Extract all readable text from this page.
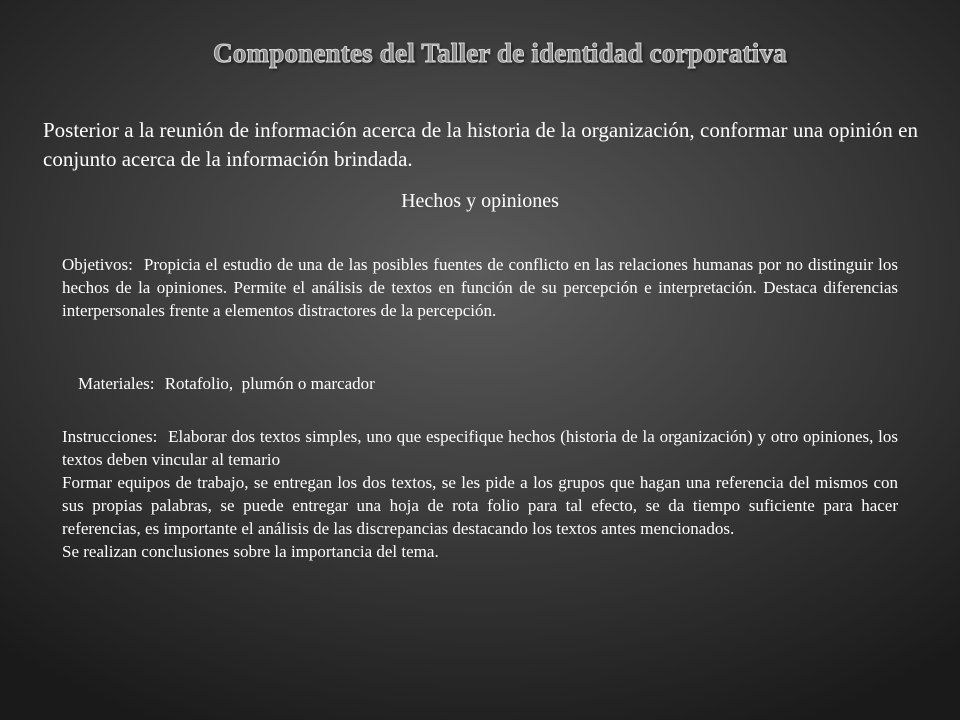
Componentes del Taller de identidad corporativa
Posterior a la reunión de información acerca de la historia de la organización, conformar una opinión en conjunto acerca de la información brindada.
Hechos y opiniones
Objetivos: Propicia el estudio de una de las posibles fuentes de conflicto en las relaciones humanas por no distinguir los hechos de la opiniones. Permite el análisis de textos en función de su percepción e interpretación. Destaca diferencias interpersonales frente a elementos distractores de la percepción.
Materiales: Rotafolio,  plumón o marcador
Instrucciones: Elaborar dos textos simples, uno que especifique hechos (historia de la organización) y otro opiniones, los textos deben vincular al temario
Formar equipos de trabajo, se entregan los dos textos, se les pide a los grupos que hagan una referencia del mismos con sus propias palabras, se puede entregar una hoja de rota folio para tal efecto, se da tiempo suficiente para hacer referencias, es importante el análisis de las discrepancias destacando los textos antes mencionados.
Se realizan conclusiones sobre la importancia del tema.
